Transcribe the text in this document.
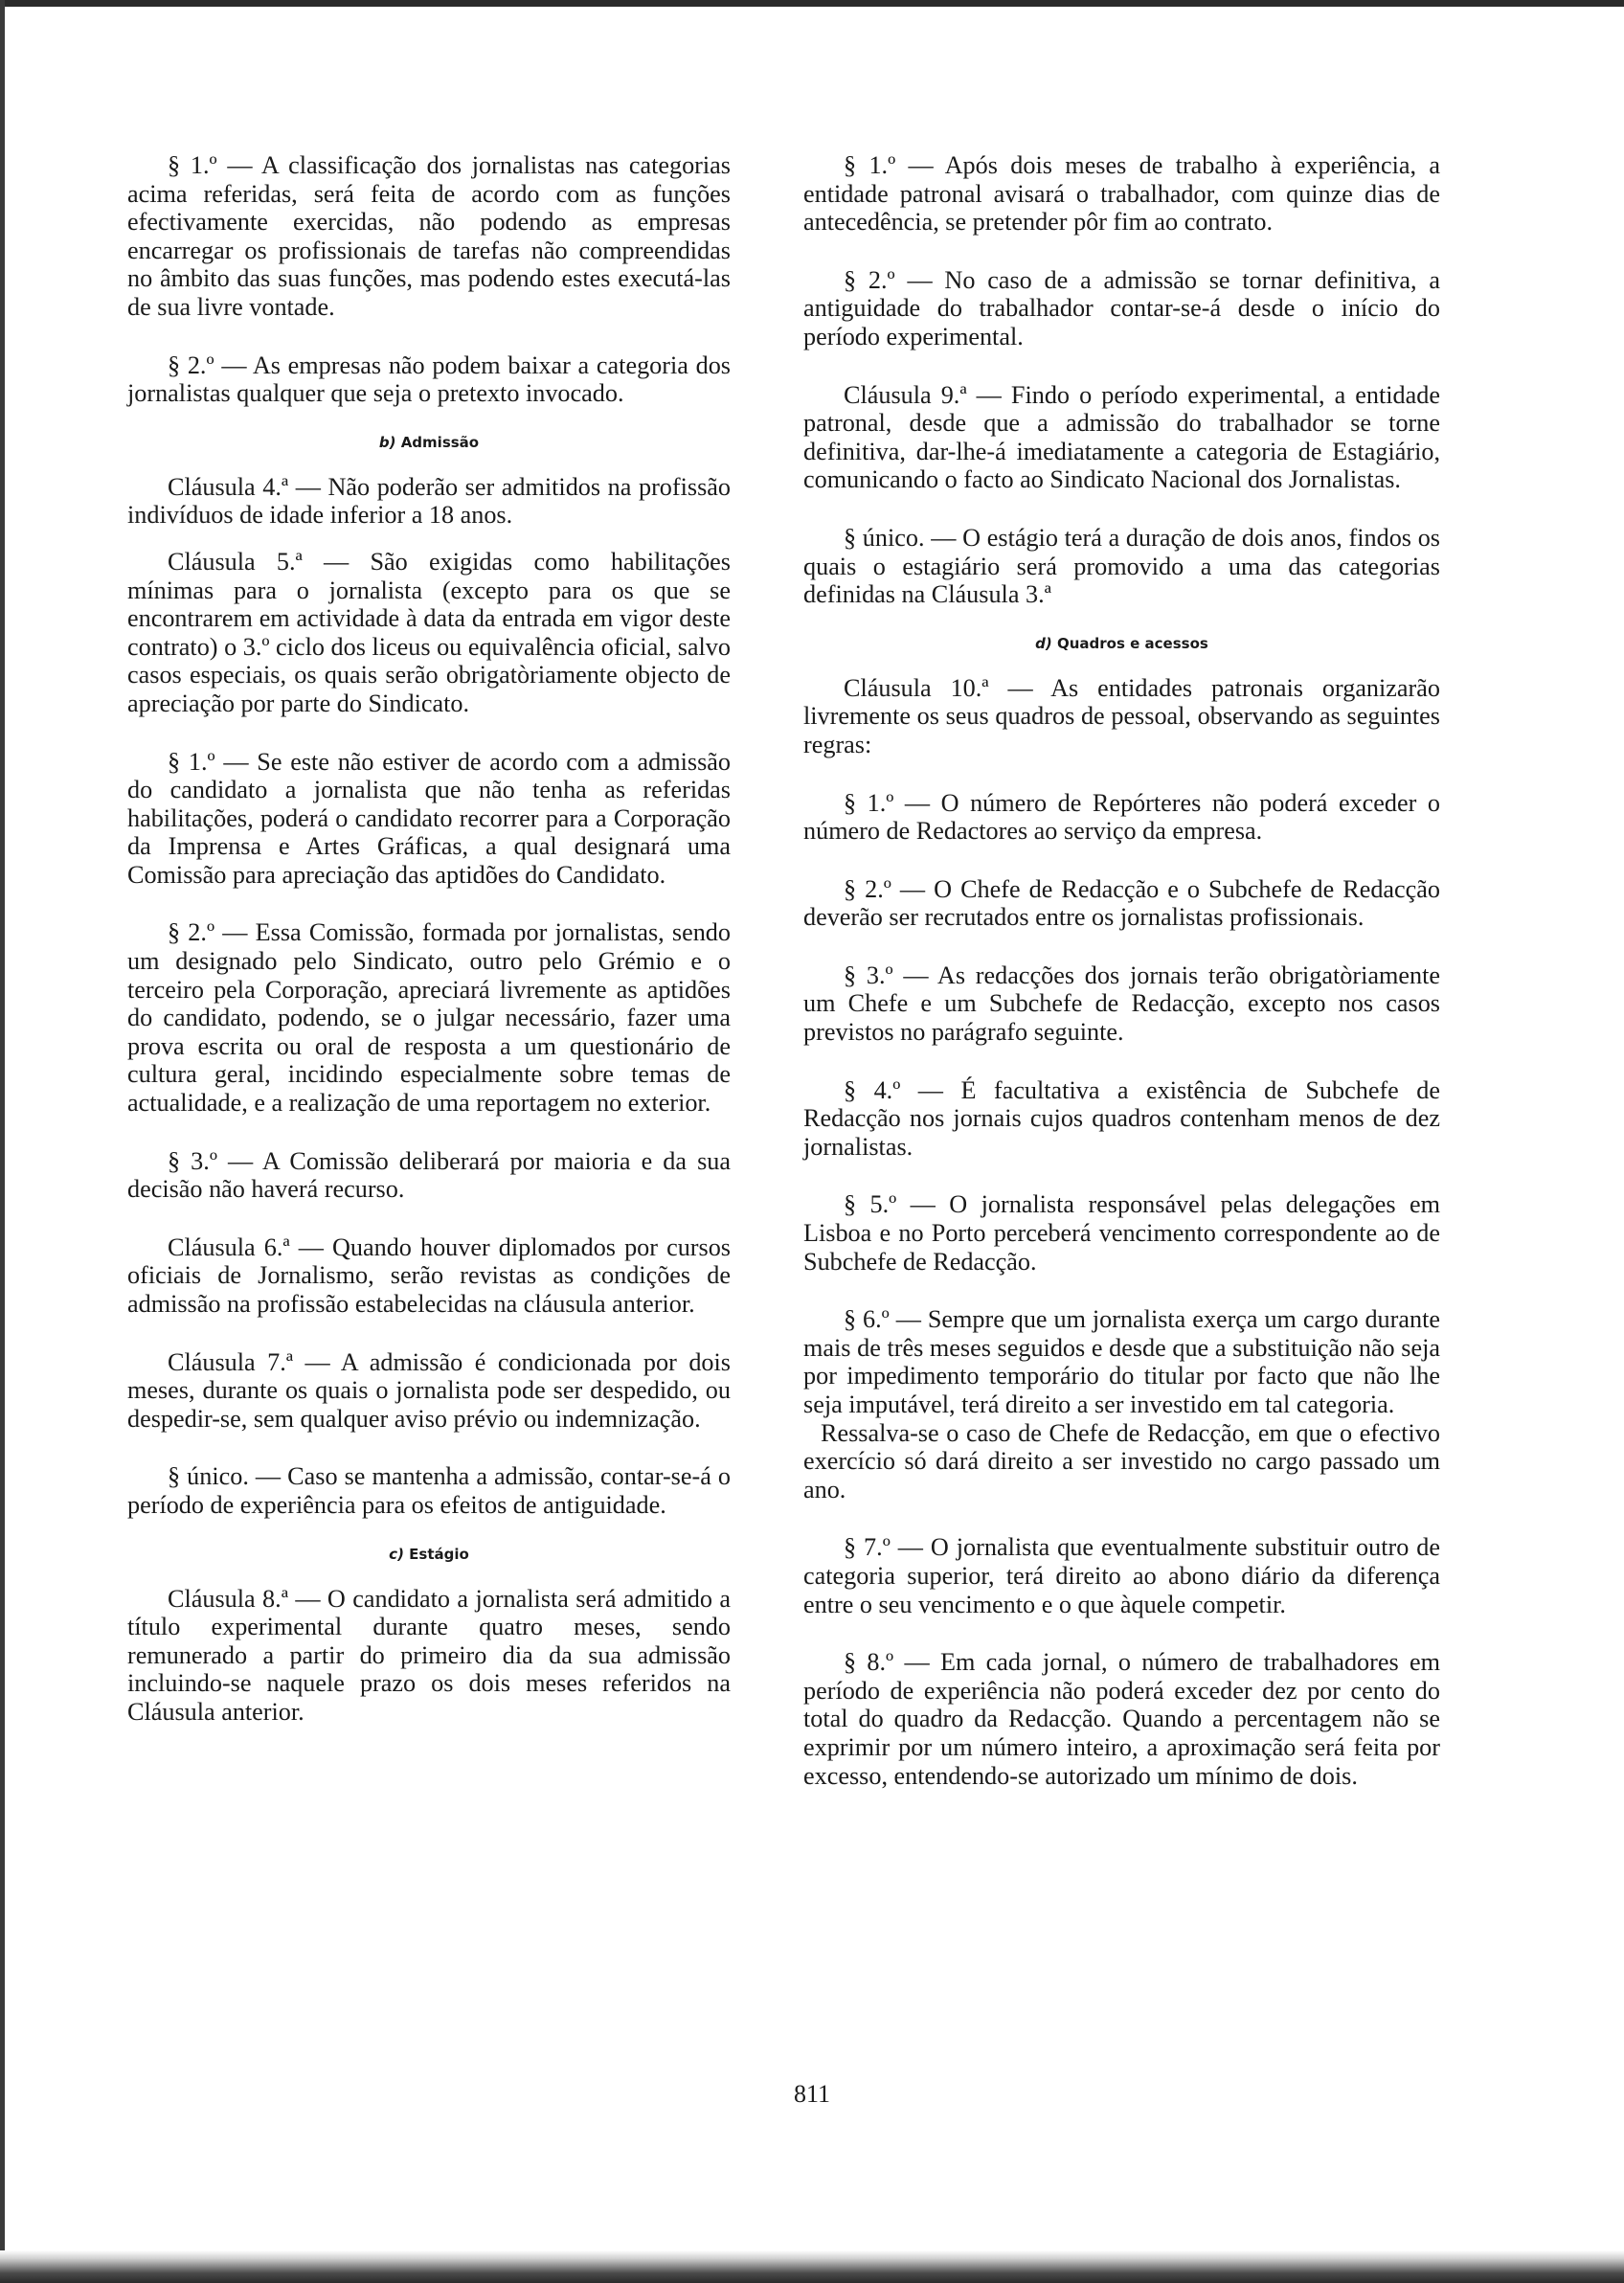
§ 1.º — A classificação dos jornalistas nas categorias acima referidas, será feita de acordo com as funções efectivamente exercidas, não podendo as empresas encarregar os profissionais de tarefas não compreendidas no âmbito das suas funções, mas podendo estes executá-las de sua livre vontade.

§ 2.º — As empresas não podem baixar a categoria dos jornalistas qualquer que seja o pretexto invocado.

b) Admissão

Cláusula 4.ª — Não poderão ser admitidos na profissão indivíduos de idade inferior a 18 anos.

Cláusula 5.ª — São exigidas como habilitações mínimas para o jornalista (excepto para os que se encontrarem em actividade à data da entrada em vigor deste contrato) o 3.º ciclo dos liceus ou equivalência oficial, salvo casos especiais, os quais serão obrigatòriamente objecto de apreciação por parte do Sindicato.

§ 1.º — Se este não estiver de acordo com a admissão do candidato a jornalista que não tenha as referidas habilitações, poderá o candidato recorrer para a Corporação da Imprensa e Artes Gráficas, a qual designará uma Comissão para apreciação das aptidões do Candidato.

§ 2.º — Essa Comissão, formada por jornalistas, sendo um designado pelo Sindicato, outro pelo Grémio e o terceiro pela Corporação, apreciará livremente as aptidões do candidato, podendo, se o julgar necessário, fazer uma prova escrita ou oral de resposta a um questionário de cultura geral, incidindo especialmente sobre temas de actualidade, e a realização de uma reportagem no exterior.

§ 3.º — A Comissão deliberará por maioria e da sua decisão não haverá recurso.

Cláusula 6.ª — Quando houver diplomados por cursos oficiais de Jornalismo, serão revistas as condições de admissão na profissão estabelecidas na cláusula anterior.

Cláusula 7.ª — A admissão é condicionada por dois meses, durante os quais o jornalista pode ser despedido, ou despedir-se, sem qualquer aviso prévio ou indemnização.

§ único. — Caso se mantenha a admissão, contar-se-á o período de experiência para os efeitos de antiguidade.

c) Estágio

Cláusula 8.ª — O candidato a jornalista será admitido a título experimental durante quatro meses, sendo remunerado a partir do primeiro dia da sua admissão incluindo-se naquele prazo os dois meses referidos na Cláusula anterior.

§ 1.º — Após dois meses de trabalho à experiência, a entidade patronal avisará o trabalhador, com quinze dias de antecedência, se pretender pôr fim ao contrato.

§ 2.º — No caso de a admissão se tornar definitiva, a antiguidade do trabalhador contar-se-á desde o início do período experimental.

Cláusula 9.ª — Findo o período experimental, a entidade patronal, desde que a admissão do trabalhador se torne definitiva, dar-lhe-á imediatamente a categoria de Estagiário, comunicando o facto ao Sindicato Nacional dos Jornalistas.

§ único. — O estágio terá a duração de dois anos, findos os quais o estagiário será promovido a uma das categorias definidas na Cláusula 3.ª

d) Quadros e acessos

Cláusula 10.ª — As entidades patronais organizarão livremente os seus quadros de pessoal, observando as seguintes regras:

§ 1.º — O número de Repórteres não poderá exceder o número de Redactores ao serviço da empresa.

§ 2.º — O Chefe de Redacção e o Subchefe de Redacção deverão ser recrutados entre os jornalistas profissionais.

§ 3.º — As redacções dos jornais terão obrigatòriamente um Chefe e um Subchefe de Redacção, excepto nos casos previstos no parágrafo seguinte.

§ 4.º — É facultativa a existência de Subchefe de Redacção nos jornais cujos quadros contenham menos de dez jornalistas.

§ 5.º — O jornalista responsável pelas delegações em Lisboa e no Porto perceberá vencimento correspondente ao de Subchefe de Redacção.

§ 6.º — Sempre que um jornalista exerça um cargo durante mais de três meses seguidos e desde que a substituição não seja por impedimento temporário do titular por facto que não lhe seja imputável, terá direito a ser investido em tal categoria.

Ressalva-se o caso de Chefe de Redacção, em que o efectivo exercício só dará direito a ser investido no cargo passado um ano.

§ 7.º — O jornalista que eventualmente substituir outro de categoria superior, terá direito ao abono diário da diferença entre o seu vencimento e o que àquele competir.

§ 8.º — Em cada jornal, o número de trabalhadores em período de experiência não poderá exceder dez por cento do total do quadro da Redacção. Quando a percentagem não se exprimir por um número inteiro, a aproximação será feita por excesso, entendendo-se autorizado um mínimo de dois.

811
